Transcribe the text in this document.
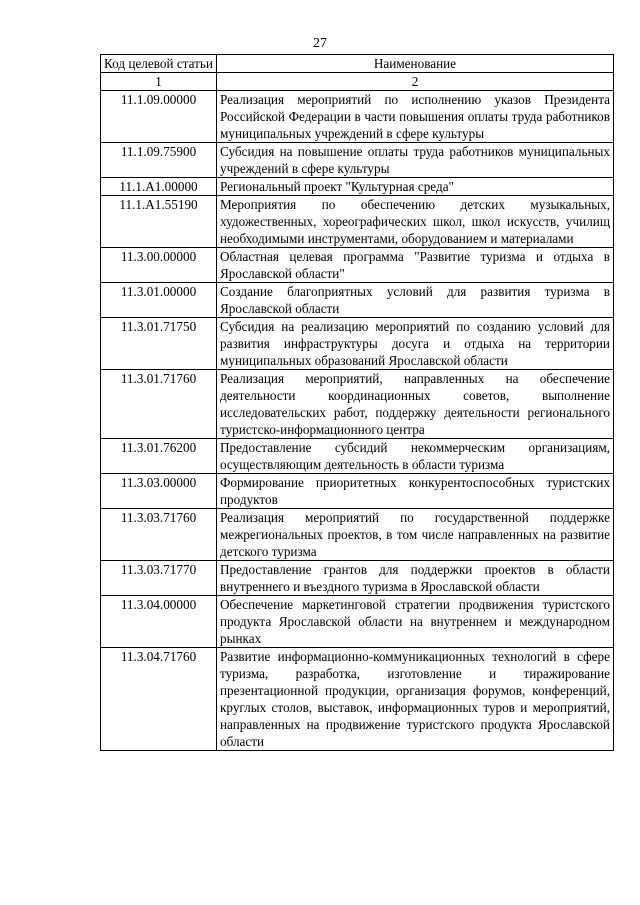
27
Код целевой статьи	Наименование
1	2
11.1.09.00000	Реализация мероприятий по исполнению указов Президента Российской Федерации в части повышения оплаты труда работников муниципальных учреждений в сфере культуры
11.1.09.75900	Субсидия на повышение оплаты труда работников муниципальных учреждений в сфере культуры
11.1.A1.00000	Региональный проект "Культурная среда"
11.1.A1.55190	Мероприятия по обеспечению детских музыкальных, художественных, хореографических школ, школ искусств, училищ необходимыми инструментами, оборудованием и материалами
11.3.00.00000	Областная целевая программа "Развитие туризма и отдыха в Ярославской области"
11.3.01.00000	Создание благоприятных условий для развития туризма в Ярославской области
11.3.01.71750	Субсидия на реализацию мероприятий по созданию условий для развития инфраструктуры досуга и отдыха на территории муниципальных образований Ярославской области
11.3.01.71760	Реализация мероприятий, направленных на обеспечение деятельности координационных советов, выполнение исследовательских работ, поддержку деятельности регионального туристско-информационного центра
11.3.01.76200	Предоставление субсидий некоммерческим организациям, осуществляющим деятельность в области туризма
11.3.03.00000	Формирование приоритетных конкурентоспособных туристских продуктов
11.3.03.71760	Реализация мероприятий по государственной поддержке межрегиональных проектов, в том числе направленных на развитие детского туризма
11.3.03.71770	Предоставление грантов для поддержки проектов в области внутреннего и въездного туризма в Ярославской области
11.3.04.00000	Обеспечение маркетинговой стратегии продвижения туристского продукта Ярославской области на внутреннем и международном рынках
11.3.04.71760	Развитие информационно-коммуникационных технологий в сфере туризма, разработка, изготовление и тиражирование презентационной продукции, организация форумов, конференций, круглых столов, выставок, информационных туров и мероприятий, направленных на продвижение туристского продукта Ярославской области
